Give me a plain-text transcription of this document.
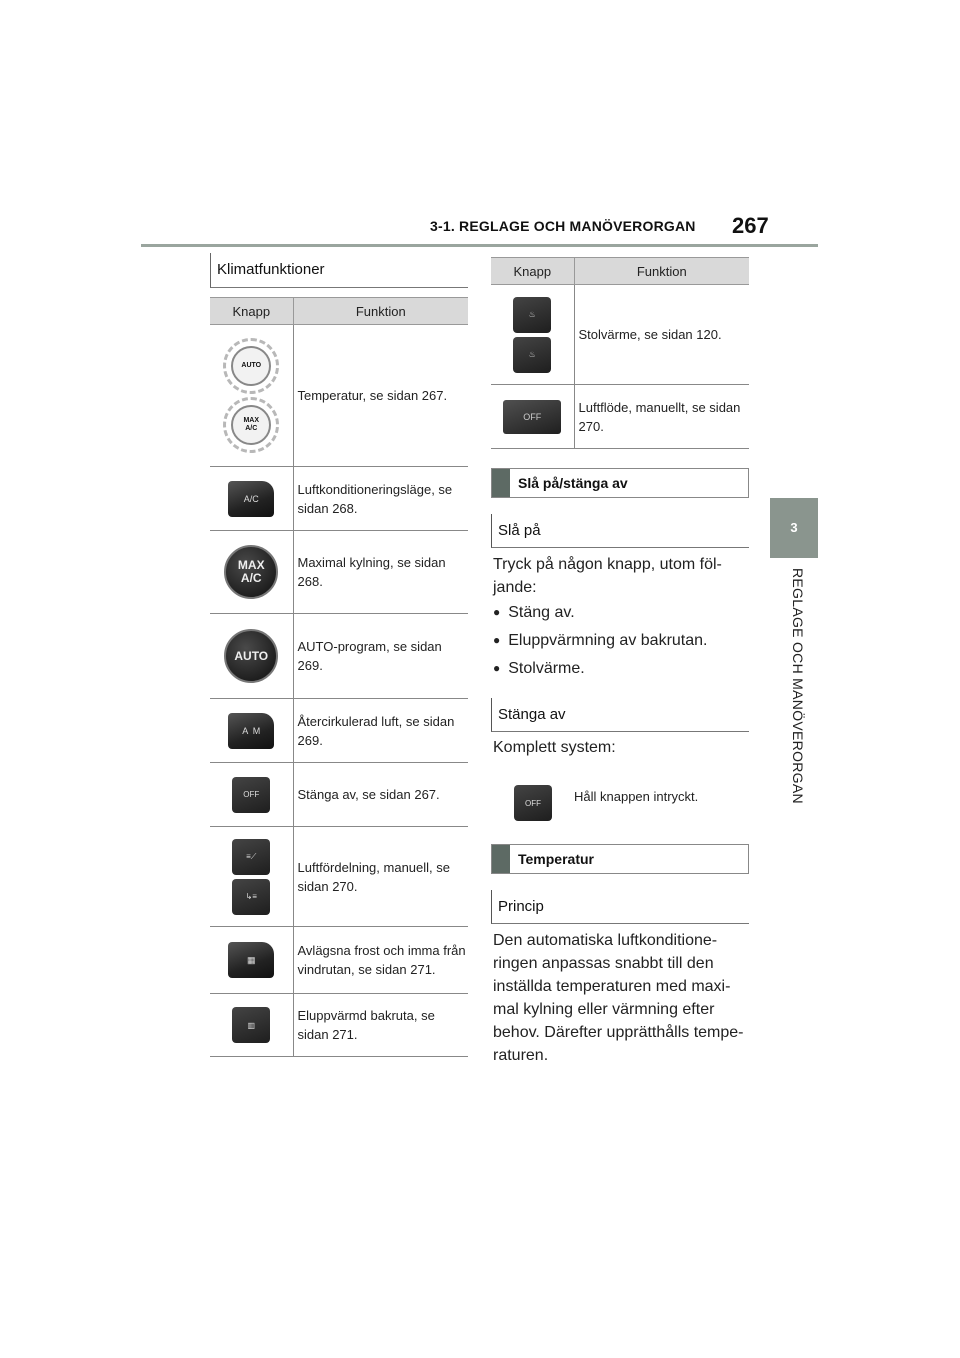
3-1. REGLAGE OCH MANÖVERORGAN 267
3
REGLAGE OCH MANÖVERORGAN
Klimatfunktioner
Knapp	Funktion

AUTO
MAX
A/C	Temperatur, se sidan 267.

A/C	Luftkonditioneringsläge, se sidan 268.

MAX
A/C	Maximal kylning, se sidan 268.

AUTO	AUTO-program, se sidan 269.

A  M	Återcirkulerad luft, se sidan 269.

OFF	Stänga av, se sidan 267.

≡⟋
↳≡	Luftfördelning, manuell, se sidan 270.

▦	Avlägsna frost och imma från vindrutan, se sidan 271.

▥	Eluppvärmd bakruta, se sidan 271.
Knapp	Funktion

♨
♨	Stolvärme, se sidan 120.

OFF	Luftflöde, manuellt, se sidan 270.
Slå på/stänga av
Slå på
Tryck på någon knapp, utom föl-jande:
● Stäng av.
● Eluppvärmning av bakrutan.
● Stolvärme.
Stänga av
Komplett system:
OFF	Håll knappen intryckt.
Temperatur
Princip
Den automatiska luftkonditione-ringen anpassas snabbt till den inställda temperaturen med maxi-mal kylning eller värmning efter behov. Därefter upprätthålls tempe-raturen.
